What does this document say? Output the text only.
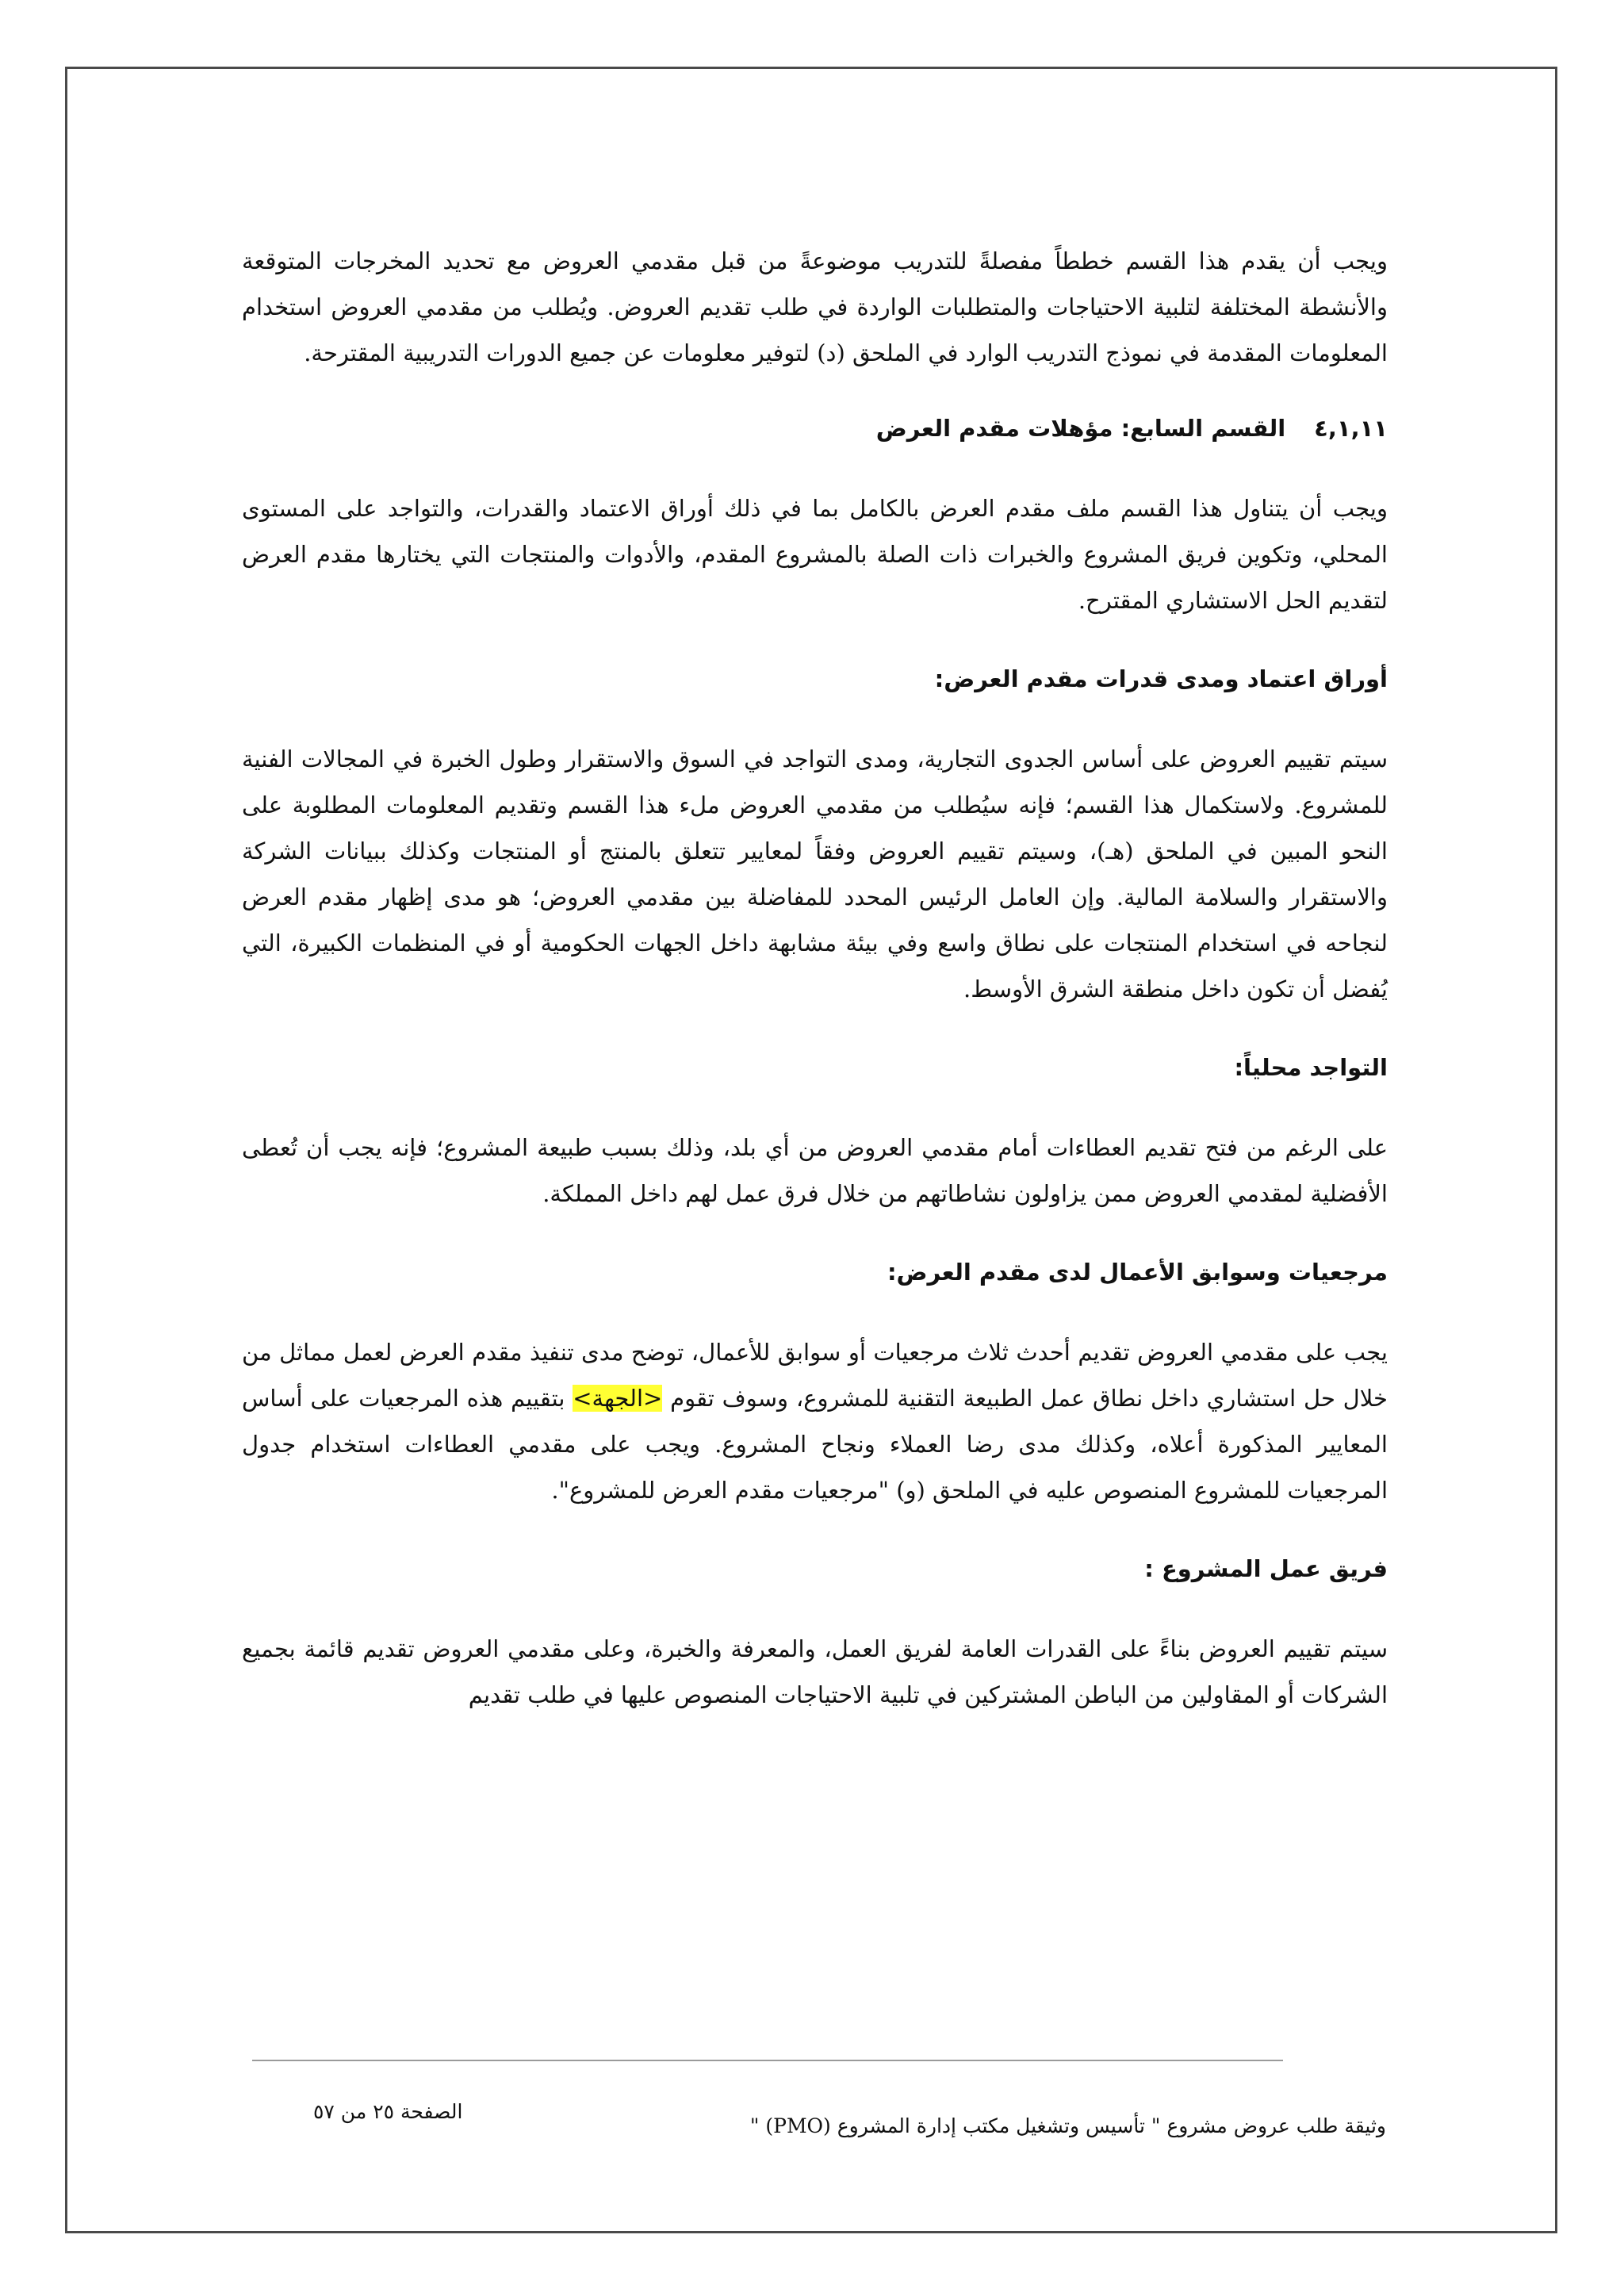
ويجب أن يقدم هذا القسم خططاً مفصلةً للتدريب موضوعةً من قبل مقدمي العروض مع تحديد المخرجات المتوقعة والأنشطة المختلفة لتلبية الاحتياجات والمتطلبات الواردة في طلب تقديم العروض. ويُطلب من مقدمي العروض استخدام المعلومات المقدمة في نموذج التدريب الوارد في الملحق (د) لتوفير معلومات عن جميع الدورات التدريبية المقترحة.

٤,١,١١القسم السابع: مؤهلات مقدم العرض

ويجب أن يتناول هذا القسم ملف مقدم العرض بالكامل بما في ذلك أوراق الاعتماد والقدرات، والتواجد على المستوى المحلي، وتكوين فريق المشروع والخبرات ذات الصلة بالمشروع المقدم، والأدوات والمنتجات التي يختارها مقدم العرض لتقديم الحل الاستشاري المقترح.

أوراق اعتماد ومدى قدرات مقدم العرض:

سيتم تقييم العروض على أساس الجدوى التجارية، ومدى التواجد في السوق والاستقرار وطول الخبرة في المجالات الفنية للمشروع. ولاستكمال هذا القسم؛ فإنه سيُطلب من مقدمي العروض ملء هذا القسم وتقديم المعلومات المطلوبة على النحو المبين في الملحق (هـ)، وسيتم تقييم العروض وفقاً لمعايير تتعلق بالمنتج أو المنتجات وكذلك ببيانات الشركة والاستقرار والسلامة المالية. وإن العامل الرئيس المحدد للمفاضلة بين مقدمي العروض؛ هو مدى إظهار مقدم العرض لنجاحه في استخدام المنتجات على نطاق واسع وفي بيئة مشابهة داخل الجهات الحكومية أو في المنظمات الكبيرة، التي يُفضل أن تكون داخل منطقة الشرق الأوسط.

التواجد محلياً:

على الرغم من فتح تقديم العطاءات أمام مقدمي العروض من أي بلد، وذلك بسبب طبيعة المشروع؛ فإنه يجب أن تُعطى الأفضلية لمقدمي العروض ممن يزاولون نشاطاتهم من خلال فرق عمل لهم داخل المملكة.

مرجعيات وسوابق الأعمال لدى مقدم العرض:

يجب على مقدمي العروض تقديم أحدث ثلاث مرجعيات أو سوابق للأعمال، توضح مدى تنفيذ مقدم العرض لعمل مماثل من خلال حل استشاري داخل نطاق عمل الطبيعة التقنية للمشروع، وسوف تقوم <الجهة> بتقييم هذه المرجعيات على أساس المعايير المذكورة أعلاه، وكذلك مدى رضا العملاء ونجاح المشروع. ويجب على مقدمي العطاءات استخدام جدول المرجعيات للمشروع المنصوص عليه في الملحق (و) "مرجعيات مقدم العرض للمشروع".

فريق عمل المشروع :

سيتم تقييم العروض بناءً على القدرات العامة لفريق العمل، والمعرفة والخبرة، وعلى مقدمي العروض تقديم قائمة بجميع الشركات أو المقاولين من الباطن المشتركين في تلبية الاحتياجات المنصوص عليها في طلب تقديم

الصفحة ٢٥ من ٥٧
وثيقة طلب عروض مشروع " تأسيس وتشغيل مكتب إدارة المشروع (PMO) "
